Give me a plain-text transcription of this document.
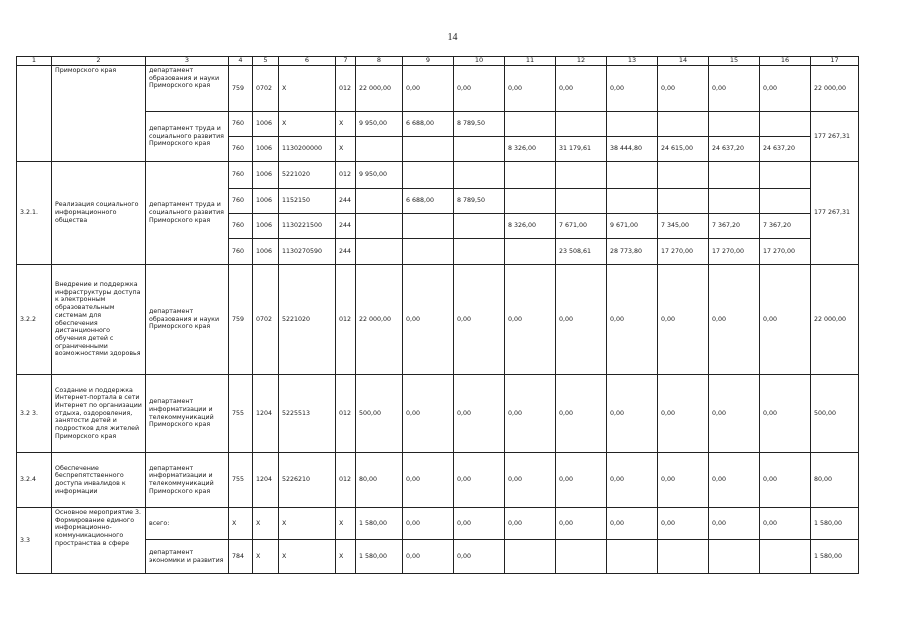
14
1	2	3	4	5	6	7	8	9	10	11	12	13	14	15	16	17
	Приморского края	департамент образования и науки Приморского края	759	0702	Х	012	22 000,00	0,00	0,00	0,00	0,00	0,00	0,00	0,00	0,00	22 000,00
		департамент труда и социального развития Приморского края	760	1006	Х	Х	9 950,00	6 688,00	8 789,50							177 267,31
			760	1006	1130200000	Х				8 326,00	31 179,61	38 444,80	24 615,00	24 637,20	24 637,20	
3.2.1.	Реализация социального информационного общества	департамент труда и социального развития Приморского края	760	1006	5221020	012	9 950,00									177 267,31
			760	1006	1152150	244		6 688,00	8 789,50							
			760	1006	1130221500	244				8 326,00	7 671,00	9 671,00	7 345,00	7 367,20	7 367,20	
			760	1006	1130270590	244					23 508,61	28 773,80	17 270,00	17 270,00	17 270,00	
3.2.2	Внедрение и поддержка инфраструктуры доступа к электронным образовательным системам для обеспечения дистанционного обучения детей с ограниченными возможностями здоровья	департамент образования и науки Приморского края	759	0702	5221020	012	22 000,00	0,00	0,00	0,00	0,00	0,00	0,00	0,00	0,00	22 000,00
3.2 3.	Создание и поддержка Интернет-портала в сети Интернет по организации отдыха, оздоровления, занятости детей и подростков для жителей Приморского края	департамент информатизации и телекоммуникаций Приморского края	755	1204	5225513	012	500,00	0,00	0,00	0,00	0,00	0,00	0,00	0,00	0,00	500,00
3.2.4	Обеспечение беспрепятственного доступа инвалидов к информации	департамент информатизации и телекоммуникаций Приморского края	755	1204	5226210	012	80,00	0,00	0,00	0,00	0,00	0,00	0,00	0,00	0,00	80,00
3.3	Основное мероприятие 3. Формирование единого информационно-коммуникационного пространства в сфере	всего:	Х	Х	Х	Х	1 580,00	0,00	0,00	0,00	0,00	0,00	0,00	0,00	0,00	1 580,00
		департамент экономики и развития	784	Х	Х	Х	1 580,00	0,00	0,00							1 580,00
